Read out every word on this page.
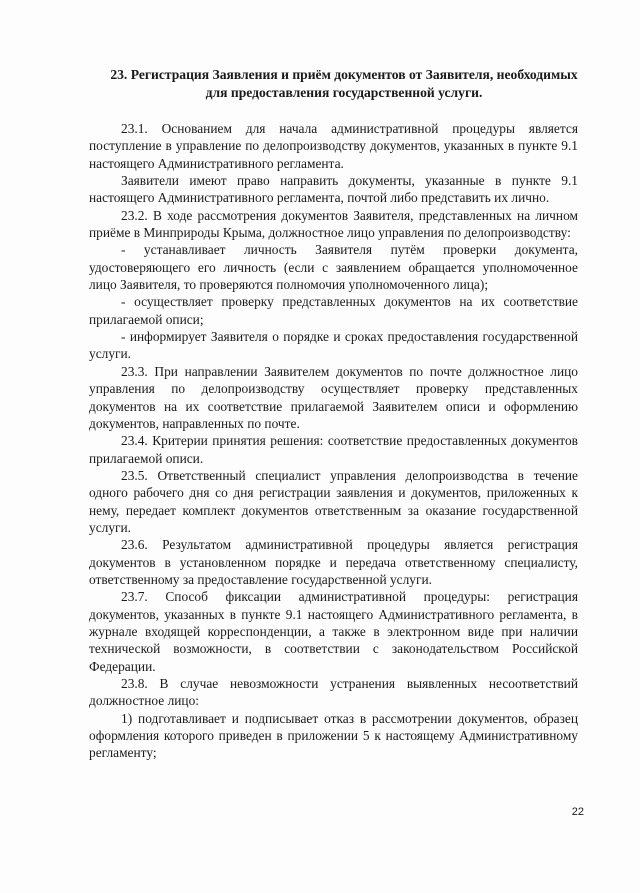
23. Регистрация Заявления и приём документов от Заявителя, необходимых для предоставления государственной услуги.

23.1. Основанием для начала административной процедуры является поступление в управление по делопроизводству документов, указанных в пункте 9.1 настоящего Административного регламента.

Заявители имеют право направить документы, указанные в пункте 9.1 настоящего Административного регламента, почтой либо представить их лично.

23.2. В ходе рассмотрения документов Заявителя, представленных на личном приёме в Минприроды Крыма, должностное лицо управления по делопроизводству:

- устанавливает личность Заявителя путём проверки документа, удостоверяющего его личность (если с заявлением обращается уполномоченное лицо Заявителя, то проверяются полномочия уполномоченного лица);

- осуществляет проверку представленных документов на их соответствие прилагаемой описи;

- информирует Заявителя о порядке и сроках предоставления государственной услуги.

23.3. При направлении Заявителем документов по почте должностное лицо управления по делопроизводству осуществляет проверку представленных документов на их соответствие прилагаемой Заявителем описи и оформлению документов, направленных по почте.

23.4. Критерии принятия решения: соответствие предоставленных документов прилагаемой описи.

23.5. Ответственный специалист управления делопроизводства в течение одного рабочего дня со дня регистрации заявления и документов, приложенных к нему, передает комплект документов ответственным за оказание государственной услуги.

23.6. Результатом административной процедуры является регистрация документов в установленном порядке и передача ответственному специалисту, ответственному за предоставление государственной услуги.

23.7. Способ фиксации административной процедуры: регистрация документов, указанных в пункте 9.1 настоящего Административного регламента, в журнале входящей корреспонденции, а также в электронном виде при наличии технической возможности, в соответствии с законодательством Российской Федерации.

23.8. В случае невозможности устранения выявленных несоответствий должностное лицо:

1) подготавливает и подписывает отказ в рассмотрении документов, образец оформления которого приведен в приложении 5 к настоящему Административному регламенту;

22
